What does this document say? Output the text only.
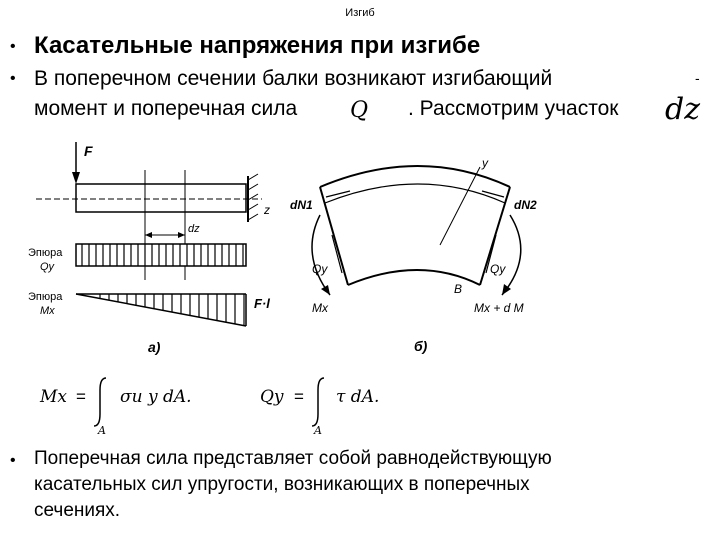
Изгиб
• Касательные напряжения при изгибе
• В поперечном сечении балки возникают изгибающий
момент и поперечная сила Q . Рассмотрим участок dz
-
F
z
dz
Эпюра
Qy
Эпюра
Mx	F·l
а)
y
dN1	dN2
Qy
Mx
Qy
B
Mx + d M
б)
Mx = σи y dA.
A
Qy = τ dA.
A
• Поперечная сила представляет собой равнодействующую
касательных сил упругости, возникающих в поперечных
сечениях.
